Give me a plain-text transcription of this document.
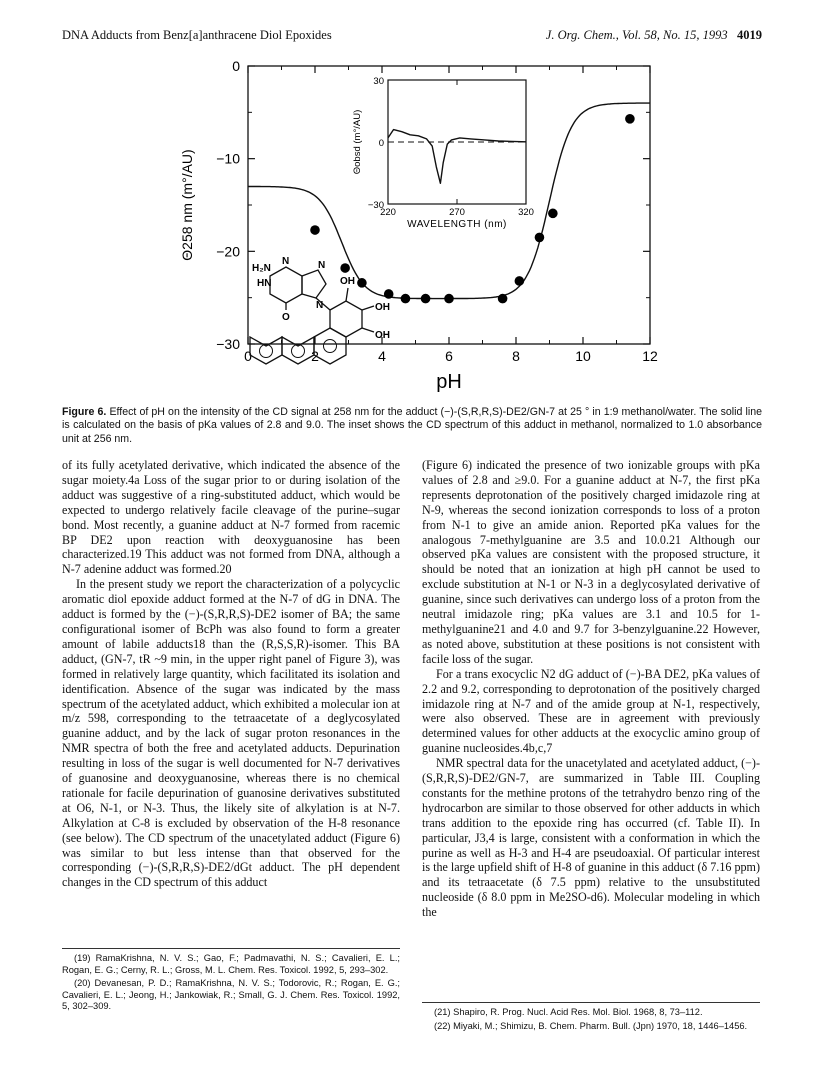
DNA Adducts from Benz[a]anthracene Diol Epoxides	J. Org. Chem., Vol. 58, No. 15, 1993 4019
0	2	4	6	8	10	12
0
−10
−20
−30
pH
Θ258 nm (m°/AU)	220	270	320
30
0
−30
WAVELENGTH (nm)
Θobsd (m°/AU)
H₂N
N
HN
N
N
O
OH
OH
OH
Figure 6. Effect of pH on the intensity of the CD signal at 258 nm for the adduct (−)-(S,R,R,S)-DE2/GN-7 at 25 ° in 1:9 methanol/water. The solid line is calculated on the basis of pKa values of 2.8 and 9.0. The inset shows the CD spectrum of this adduct in methanol, normalized to 1.0 absorbance unit at 256 nm.

of its fully acetylated derivative, which indicated the absence of the sugar moiety.4a Loss of the sugar prior to or during isolation of the adduct was suggestive of a ring-substituted adduct, which would be expected to undergo relatively facile cleavage of the purine–sugar bond. Most recently, a guanine adduct at N-7 formed from racemic BP DE2 upon reaction with deoxyguanosine has been characterized.19 This adduct was not formed from DNA, although a N-7 adenine adduct was formed.20

In the present study we report the characterization of a polycyclic aromatic diol epoxide adduct formed at the N-7 of dG in DNA. The adduct is formed by the (−)-(S,R,R,S)-DE2 isomer of BA; the same configurational isomer of BcPh was also found to form a greater amount of labile adducts18 than the (R,S,S,R)-isomer. This BA adduct, (GN-7, tR ~9 min, in the upper right panel of Figure 3), was formed in relatively large quantity, which facilitated its isolation and identification. Absence of the sugar was indicated by the mass spectrum of the acetylated adduct, which exhibited a molecular ion at m/z 598, corresponding to the tetraacetate of a deglycosylated guanine adduct, and by the lack of sugar proton resonances in the NMR spectra of both the free and acetylated adducts. Depurination resulting in loss of the sugar is well documented for N-7 derivatives of guanosine and deoxyguanosine, whereas there is no chemical rationale for facile depurination of guanosine derivatives substituted at O6, N-1, or N-3. Thus, the likely site of alkylation is at N-7. Alkylation at C-8 is excluded by observation of the H-8 resonance (see below). The CD spectrum of the unacetylated adduct (Figure 6) was similar to but less intense than that observed for the corresponding (−)-(S,R,R,S)-DE2/dGt adduct. The pH dependent changes in the CD spectrum of this adduct

(Figure 6) indicated the presence of two ionizable groups with pKa values of 2.8 and ≥9.0. For a guanine adduct at N-7, the first pKa represents deprotonation of the positively charged imidazole ring at N-9, whereas the second ionization corresponds to loss of a proton from N-1 to give an amide anion. Reported pKa values for the analogous 7-methylguanine are 3.5 and 10.0.21 Although our observed pKa values are consistent with the proposed structure, it should be noted that an ionization at high pH cannot be used to exclude substitution at N-1 or N-3 in a deglycosylated derivative of guanine, since such derivatives can undergo loss of a proton from the neutral imidazole ring; pKa values are 3.1 and 10.5 for 1-methylguanine21 and 4.0 and 9.7 for 3-benzylguanine.22 However, as noted above, substitution at these positions is not consistent with facile loss of the sugar.

For a trans exocyclic N2 dG adduct of (−)-BA DE2, pKa values of 2.2 and 9.2, corresponding to deprotonation of the positively charged imidazole ring at N-7 and of the amide group at N-1, respectively, were also observed. These are in agreement with previously determined values for other adducts at the exocyclic amino group of guanine nucleosides.4b,c,7

NMR spectral data for the unacetylated and acetylated adduct, (−)-(S,R,R,S)-DE2/GN-7, are summarized in Table III. Coupling constants for the methine protons of the tetrahydro benzo ring of the hydrocarbon are similar to those observed for other adducts in which trans addition to the epoxide ring has occurred (cf. Table II). In particular, J3,4 is large, consistent with a conformation in which the purine as well as H-3 and H-4 are pseudoaxial. Of particular interest is the large upfield shift of H-8 of guanine in this adduct (δ 7.16 ppm) and its tetraacetate (δ 7.5 ppm) relative to the unsubstituted nucleoside (δ 8.0 ppm in Me2SO-d6). Molecular modeling in which the

(19) RamaKrishna, N. V. S.; Gao, F.; Padmavathi, N. S.; Cavalieri, E. L.; Rogan, E. G.; Cerny, R. L.; Gross, M. L. Chem. Res. Toxicol. 1992, 5, 293–302.

(20) Devanesan, P. D.; RamaKrishna, N. V. S.; Todorovic, R.; Rogan, E. G.; Cavalieri, E. L.; Jeong, H.; Jankowiak, R.; Small, G. J. Chem. Res. Toxicol. 1992, 5, 302–309.

(21) Shapiro, R. Prog. Nucl. Acid Res. Mol. Biol. 1968, 8, 73–112.

(22) Miyaki, M.; Shimizu, B. Chem. Pharm. Bull. (Jpn) 1970, 18, 1446–1456.
